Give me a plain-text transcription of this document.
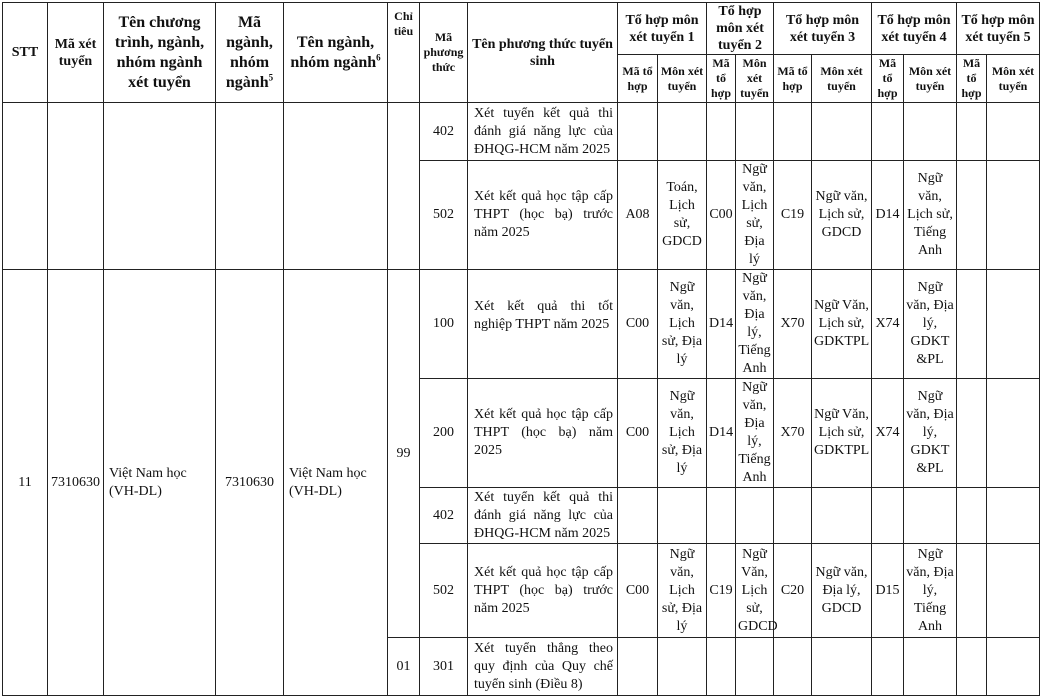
STT	Mã xét tuyển	Tên chương trình, ngành, nhóm ngành xét tuyển	Mã ngành, nhóm ngành$^5$	Tên ngành, nhóm ngành$^6$	Chỉ tiêu	Mã phương thức	Tên phương thức tuyển sinh	Tổ hợp môn xét tuyển 1		Tổ hợp môn xét tuyển 2		Tổ hợp môn xét tuyển 3		Tổ hợp môn xét tuyển 4		Tổ hợp môn xét tuyển 5	
								Mã tổ hợp	Môn xét tuyển	Mã tổ hợp	Môn xét tuyển	Mã tổ hợp	Môn xét tuyển	Mã tổ hợp	Môn xét tuyển	Mã tổ hợp	Môn xét tuyển
						402	Xét tuyển kết quả thi đánh giá năng lực của ĐHQG-HCM năm 2025										
						502	Xét kết quả học tập cấp THPT (học bạ) trước năm 2025	A08	Toán, Lịch sử, GDCD	C00	Ngữ văn, Lịch sử, Địa lý	C19	Ngữ văn, Lịch sử, GDCD	D14	Ngữ văn, Lịch sử, Tiếng Anh		
11	7310630	Việt Nam học (VH-DL)	7310630	Việt Nam học (VH-DL)	99	100	Xét kết quả thi tốt nghiệp THPT năm 2025	C00	Ngữ văn, Lịch sử, Địa lý	D14	Ngữ văn, Địa lý, Tiếng Anh	X70	Ngữ Văn, Lịch sử, GDKTPL	X74	Ngữ văn, Địa lý, GDKT &PL		
						200	Xét kết quả học tập cấp THPT (học bạ) năm 2025	C00	Ngữ văn, Lịch sử, Địa lý	D14	Ngữ văn, Địa lý, Tiếng Anh	X70	Ngữ Văn, Lịch sử, GDKTPL	X74	Ngữ văn, Địa lý, GDKT &PL		
						402	Xét tuyển kết quả thi đánh giá năng lực của ĐHQG-HCM năm 2025										
						502	Xét kết quả học tập cấp THPT (học bạ) trước năm 2025	C00	Ngữ văn, Lịch sử, Địa lý	C19	Ngữ Văn, Lịch sử, GDCD	C20	Ngữ văn, Địa lý, GDCD	D15	Ngữ văn, Địa lý, Tiếng Anh		
					01	301	Xét tuyển thẳng theo quy định của Quy chế tuyển sinh (Điều 8)										
